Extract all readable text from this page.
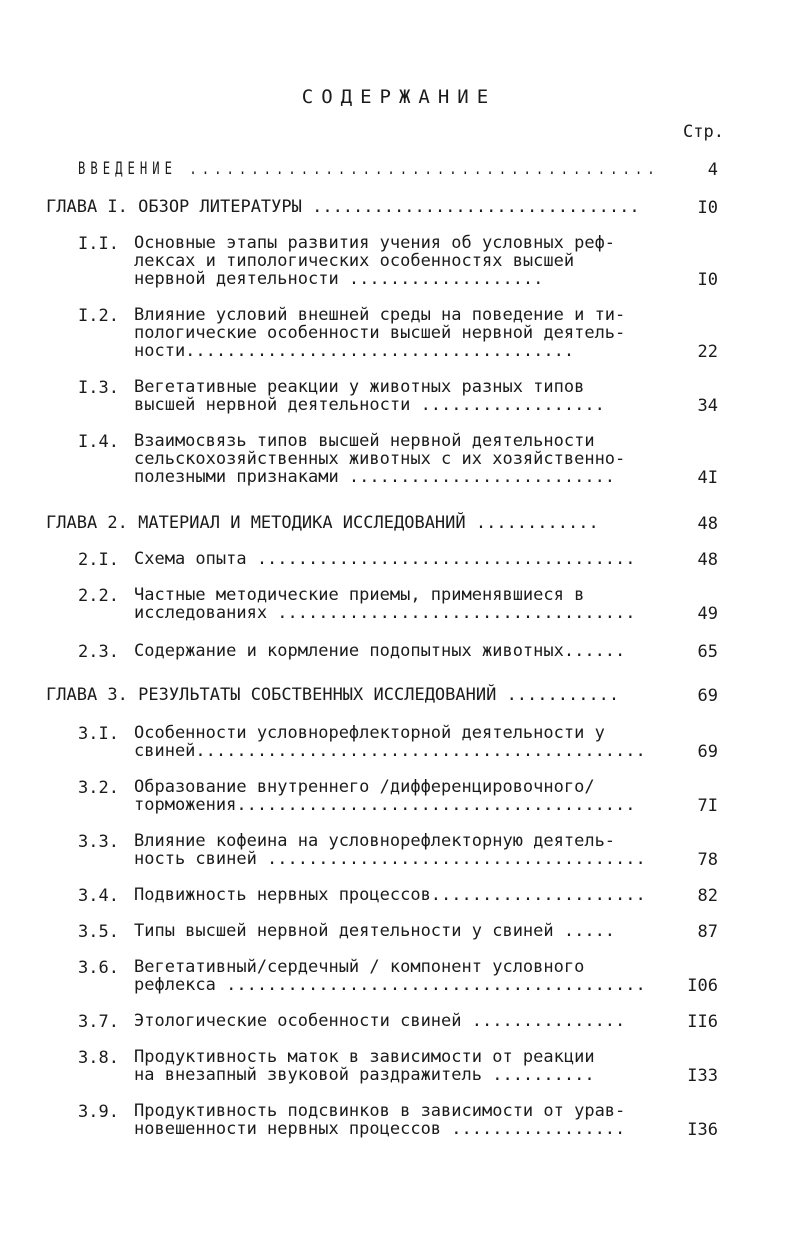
СОДЕРЖАНИЕ
Стр.
ВВЕДЕНИЕ ......................................	4
ГЛАВА I. ОБЗОР ЛИТЕРАТУРЫ ................................	I0
I.I. Основные этапы развития учения об условных реф-
лексах и типологических особенностях высшей
нервной деятельности ...................	I0
I.2. Влияние условий внешней среды на поведение и ти-
пологические особенности высшей нервной деятель-
ности......................................	22
I.3. Вегетативные реакции у животных разных типов
высшей нервной деятельности ..................	34
I.4. Взаимосвязь типов высшей нервной деятельности
сельскохозяйственных животных с их хозяйственно-
полезными признаками ..........................	4I
ГЛАВА 2. МАТЕРИАЛ И МЕТОДИКА ИССЛЕДОВАНИЙ ............	48
2.I. Схема опыта .....................................	48
2.2. Частные методические приемы, применявшиеся в
исследованиях ...................................	49
2.3. Содержание и кормление подопытных животных......	65
ГЛАВА 3. РЕЗУЛЬТАТЫ СОБСТВЕННЫХ ИССЛЕДОВАНИЙ ...........	69
3.I. Особенности условнорефлекторной деятельности у
свиней............................................	69
3.2. Образование внутреннего /дифференцировочного/
торможения.......................................	7I
3.3. Влияние кофеина на условнорефлекторную деятель-
ность свиней .....................................	78
3.4. Подвижность нервных процессов.....................	82
3.5. Типы высшей нервной деятельности у свиней .....	87
3.6. Вегетативный/сердечный / компонент условного
рефлекса .........................................	I06
3.7. Этологические особенности свиней ...............	II6
3.8. Продуктивность маток в зависимости от реакции
на внезапный звуковой раздражитель ..........	I33
3.9. Продуктивность подсвинков в зависимости от урав-
новешенности нервных процессов .................	I36
